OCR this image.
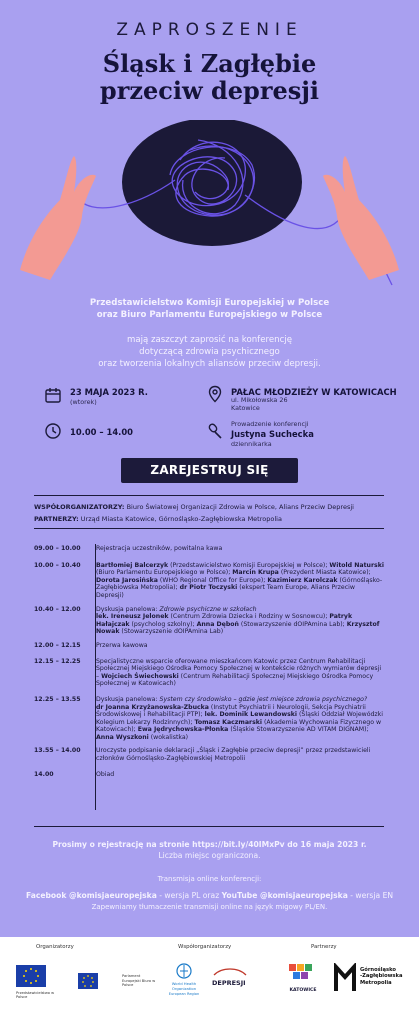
ZAPROSZENIE
Śląsk i Zagłębie
przeciw depresji
Przedstawicielstwo Komisji Europejskiej w Polsce
oraz Biuro Parlamentu Europejskiego w Polsce
mają zaszczyt zaprosić na konferencję
dotyczącą zdrowia psychicznego
oraz tworzenia lokalnych aliansów przeciw depresji.
23 MAJA 2023 R.
(wtorek)
10.00 – 14.00
PAŁAC MŁODZIEŻY W KATOWICACH
ul. Mikołowska 26
Katowice
Prowadzenie konferencji
Justyna Suchecka
dziennikarka
ZAREJESTRUJ SIĘ
WSPÓŁORGANIZATORZY: Biuro Światowej Organizacji Zdrowia w Polsce, Alians Przeciw Depresji
PARTNERZY: Urząd Miasta Katowice, Górnośląsko-Zagłębiowska Metropolia
09.00 – 10.00	Rejestracja uczestników, powitalna kawa
10.00 – 10.40	Bartłomiej Balcerzyk (Przedstawicielstwo Komisji Europejskiej w Polsce); Witold Naturski (Biuro Parlamentu Europejskiego w Polsce); Marcin Krupa (Prezydent Miasta Katowice); Dorota Jarosińska (WHO Regional Office for Europe); Kazimierz Karolczak (Górnośląsko-Zagłębiowska Metropolia); dr Piotr Toczyski (ekspert Team Europe, Alians Przeciw Depresji)
10.40 – 12.00	Dyskusja panelowa: Zdrowie psychiczne w szkołach
lek. Ireneusz Jelonek (Centrum Zdrowia Dziecka i Rodziny w Sosnowcu); Patryk Hałajczak (psycholog szkolny); Anna Dęboń (Stowarzyszenie dOIPAmina Lab); Krzysztof Nowak (Stowarzyszenie dOIPAmina Lab)
12.00 – 12.15	Przerwa kawowa
12.15 – 12.25	Specjalistyczne wsparcie oferowane mieszkańcom Katowic przez Centrum Rehabilitacji Społecznej Miejskiego Ośrodka Pomocy Społecznej w kontekście różnych wymiarów depresji – Wojciech Świechowski (Centrum Rehabilitacji Społecznej Miejskiego Ośrodka Pomocy Społecznej w Katowicach)
12.25 – 13.55	Dyskusja panelowa: System czy środowisko – gdzie jest miejsce zdrowia psychicznego?
dr Joanna Krzyżanowska-Zbucka (Instytut Psychiatrii i Neurologii, Sekcja Psychiatrii Środowiskowej i Rehabilitacji PTP); lek. Dominik Lewandowski (Śląski Oddział Wojewódzki Kolegium Lekarzy Rodzinnych); Tomasz Kaczmarski (Akademia Wychowania Fizycznego w Katowicach); Ewa Jędrychowska-Płonka (Śląskie Stowarzyszenie AD VITAM DIGNAM); Anna Wyszkoni (wokalistka)
13.55 – 14.00	Uroczyste podpisanie deklaracji „Śląsk i Zagłębie przeciw depresji” przez przedstawicieli członków Górnośląsko-Zagłębiowskiej Metropolii
14.00	Obiad
Prosimy o rejestrację na stronie https://bit.ly/40IMxPv do 16 maja 2023 r.
Liczba miejsc ograniczona.
Transmisja online konferencji:
Facebook @komisjaeuropejska - wersja PL oraz YouTube @komisjaeuropejska - wersja EN
Zapewniamy tłumaczenie transmisji online na język migowy PL/EN.
Organizatorzy	Współorganizatorzy	Partnerzy
Przedstawicielstwo w Polsce
Parlament Europejski Biuro w Polsce	World Health Organization
European Region
DEPRESJI
KATOWICE
Górnośląsko
-Zagłębiowska
Metropolia
